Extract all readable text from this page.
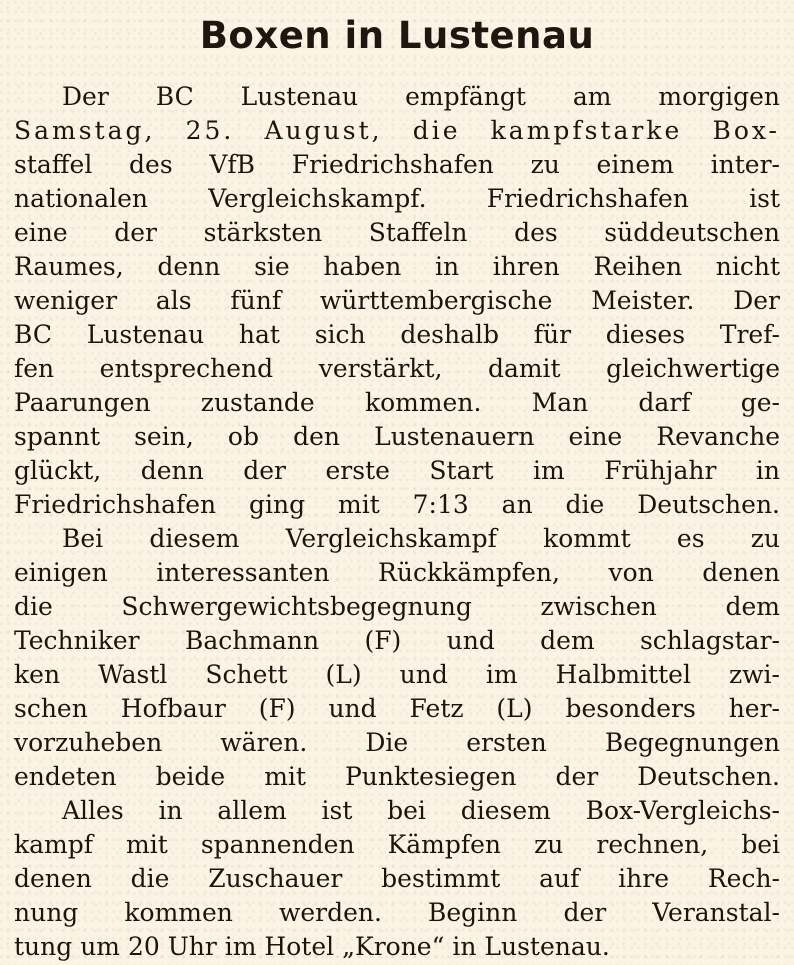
Boxen in Lustenau
Der BC Lustenau empfängt am morgigen
Samstag, 25. August, die kampfstarke Box-
staffel des VfB Friedrichshafen zu einem inter-
nationalen Vergleichskampf. Friedrichshafen ist
eine der stärksten Staffeln des süddeutschen
Raumes, denn sie haben in ihren Reihen nicht
weniger als fünf württembergische Meister. Der
BC Lustenau hat sich deshalb für dieses Tref-
fen entsprechend verstärkt, damit gleichwertige
Paarungen zustande kommen. Man darf ge-
spannt sein, ob den Lustenauern eine Revanche
glückt, denn der erste Start im Frühjahr in
Friedrichshafen ging mit 7:13 an die Deutschen.
Bei diesem Vergleichskampf kommt es zu
einigen interessanten Rückkämpfen, von denen
die Schwergewichtsbegegnung zwischen dem
Techniker Bachmann (F) und dem schlagstar-
ken Wastl Schett (L) und im Halbmittel zwi-
schen Hofbaur (F) und Fetz (L) besonders her-
vorzuheben wären. Die ersten Begegnungen
endeten beide mit Punktesiegen der Deutschen.
Alles in allem ist bei diesem Box-Vergleichs-
kampf mit spannenden Kämpfen zu rechnen, bei
denen die Zuschauer bestimmt auf ihre Rech-
nung kommen werden. Beginn der Veranstal-
tung um 20 Uhr im Hotel „Krone“ in Lustenau.
